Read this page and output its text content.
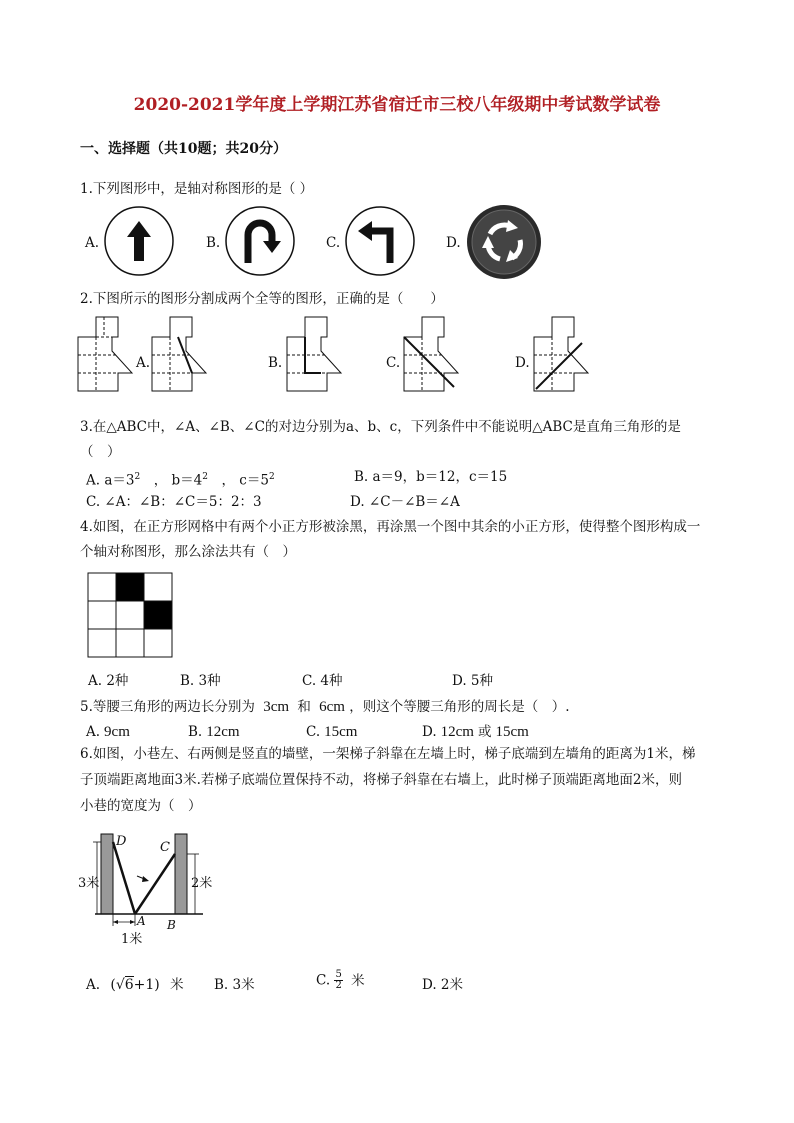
2020-2021学年度上学期江苏省宿迁市三校八年级期中考试数学试卷
一、选择题（共10题；共20分）
1.下列图形中，是轴对称图形的是（ ）
A.	B.	C.	D.
2.下图所示的图形分割成两个全等的图形，正确的是（　　）
A.	B.	C.	D.
3.在△ABC中，∠A、∠B、∠C的对边分别为a、b、c，下列条件中不能说明△ABC是直角三角形的是
（　）
A. $a=3^2$　， $b=4^2$　， $c=5^2$	B. a＝9，b＝12，c＝15
C. ∠A：∠B：∠C＝5：2：3	D. ∠C－∠B＝∠A
4.如图，在正方形网格中有两个小正方形被涂黑，再涂黑一个图中其余的小正方形，使得整个图形构成一
个轴对称图形，那么涂法共有（　）
A. 2种	B. 3种	C. 4种	D. 5种
5.等腰三角形的两边长分别为 3cm 和 6cm ，则这个等腰三角形的周长是（　）.
A. 9cm	B. 12cm	C. 15cm	D. 12cm 或 15cm
6.如图，小巷左、右两侧是竖直的墙壁，一架梯子斜靠在左墙上时，梯子底端到左墙角的距离为1米，梯
子顶端距离地面3米.若梯子底端位置保持不动，将梯子斜靠在右墙上，此时梯子顶端距离地面2米，则
小巷的宽度为（　）
D	C
A B
3米	2米
1米
A. (√6+1) 米 B. 3米	C. $\frac{5}{2}$ 米	D. 2米
